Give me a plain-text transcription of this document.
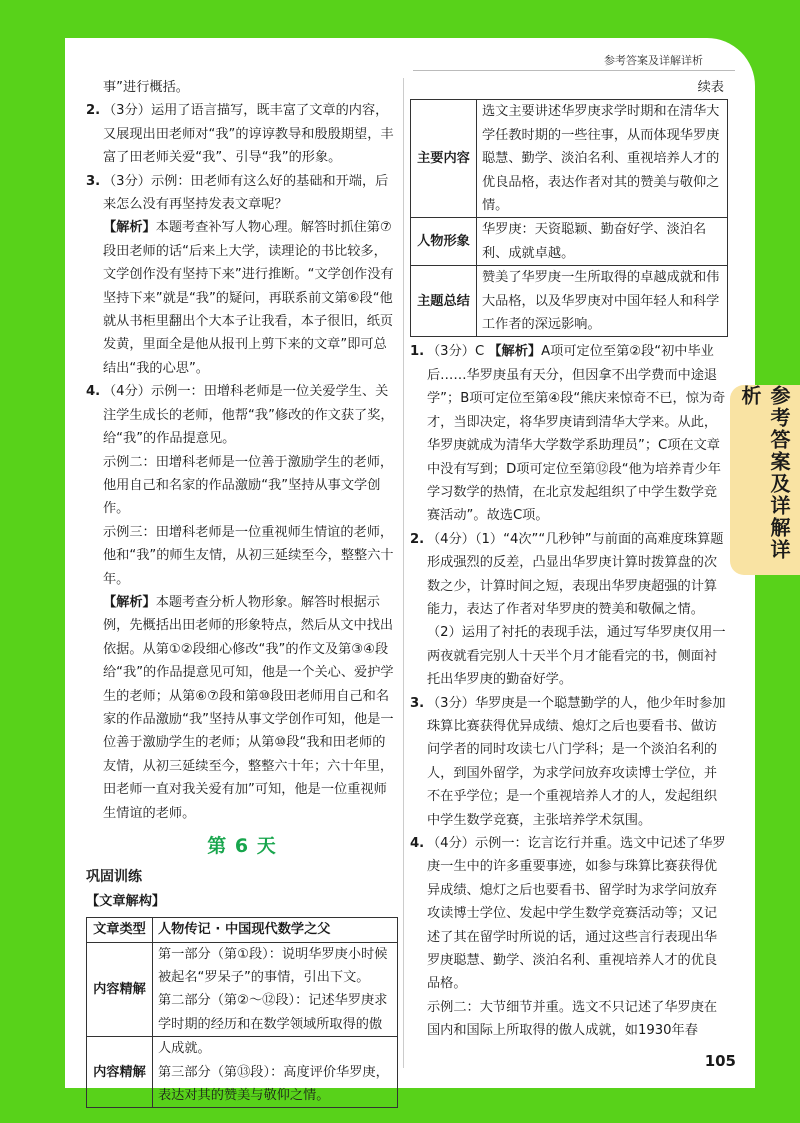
参考答案及详解详析
事”进行概括。
2. （3分）运用了语言描写，既丰富了文章的内容，又展现出田老师对“我”的谆谆教导和殷殷期望，丰富了田老师关爱“我”、引导“我”的形象。
3. （3分）示例：田老师有这么好的基础和开端，后来怎么没有再坚持发表文章呢？
【解析】本题考查补写人物心理。解答时抓住第⑦段田老师的话“后来上大学，读理论的书比较多，文学创作没有坚持下来”进行推断。“文学创作没有坚持下来”就是“我”的疑问，再联系前文第⑥段“他就从书柜里翻出个大本子让我看，本子很旧，纸页发黄，里面全是他从报刊上剪下来的文章”即可总结出“我的心思”。
4. （4分）示例一：田增科老师是一位关爱学生、关注学生成长的老师，他帮“我”修改的作文获了奖，给“我”的作品提意见。
示例二：田增科老师是一位善于激励学生的老师，他用自己和名家的作品激励“我”坚持从事文学创作。
示例三：田增科老师是一位重视师生情谊的老师，他和“我”的师生友情，从初三延续至今，整整六十年。
【解析】本题考查分析人物形象。解答时根据示例，先概括出田老师的形象特点，然后从文中找出依据。从第①②段细心修改“我”的作文及第③④段给“我”的作品提意见可知，他是一个关心、爱护学生的老师；从第⑥⑦段和第⑩段田老师用自己和名家的作品激励“我”坚持从事文学创作可知，他是一位善于激励学生的老师；从第⑩段“我和田老师的友情，从初三延续至今，整整六十年；六十年里，田老师一直对我关爱有加”可知，他是一位重视师生情谊的老师。
第 6 天
巩固训练
【文章解构】
文章类型	人物传记 · 中国现代数学之父
内容精解	第一部分（第①段）：说明华罗庚小时候被起名“罗呆子”的事情，引出下文。
第二部分（第②～⑫段）：记述华罗庚求学时期的经历和在数学领域所取得的傲

内容精解	人成就。
第三部分（第⑬段）：高度评价华罗庚，表达对其的赞美与敬仰之情。
续表
主要内容	选文主要讲述华罗庚求学时期和在清华大学任教时期的一些往事，从而体现华罗庚聪慧、勤学、淡泊名利、重视培养人才的优良品格，表达作者对其的赞美与敬仰之情。
人物形象	华罗庚：天资聪颖、勤奋好学、淡泊名利、成就卓越。
主题总结	赞美了华罗庚一生所取得的卓越成就和伟大品格，以及华罗庚对中国年轻人和科学工作者的深远影响。
1. （3分）C 【解析】A项可定位至第②段“初中毕业后……华罗庚虽有天分，但因拿不出学费而中途退学”；B项可定位至第④段“熊庆来惊奇不已，惊为奇才，当即决定，将华罗庚请到清华大学来。从此，华罗庚就成为清华大学数学系助理员”；C项在文章中没有写到；D项可定位至第⑫段“他为培养青少年学习数学的热情，在北京发起组织了中学生数学竞赛活动”。故选C项。
2. （4分）（1）“4次”“几秒钟”与前面的高难度珠算题形成强烈的反差，凸显出华罗庚计算时拨算盘的次数之少，计算时间之短，表现出华罗庚超强的计算能力，表达了作者对华罗庚的赞美和敬佩之情。
（2）运用了衬托的表现手法，通过写华罗庚仅用一两夜就看完别人十天半个月才能看完的书，侧面衬托出华罗庚的勤奋好学。
3. （3分）华罗庚是一个聪慧勤学的人，他少年时参加珠算比赛获得优异成绩、熄灯之后也要看书、做访问学者的同时攻读七八门学科；是一个淡泊名利的人，到国外留学，为求学问放弃攻读博士学位，并不在乎学位；是一个重视培养人才的人，发起组织中学生数学竞赛，主张培养学术氛围。
4. （4分）示例一：讫言讫行并重。选文中记述了华罗庚一生中的许多重要事迹，如参与珠算比赛获得优异成绩、熄灯之后也要看书、留学时为求学问放弃攻读博士学位、发起中学生数学竞赛活动等；又记述了其在留学时所说的话，通过这些言行表现出华罗庚聪慧、勤学、淡泊名利、重视培养人才的优良品格。
示例二：大节细节并重。选文不只记述了华罗庚在国内和国际上所取得的傲人成就，如1930年春
参考答案及详解详析
105
